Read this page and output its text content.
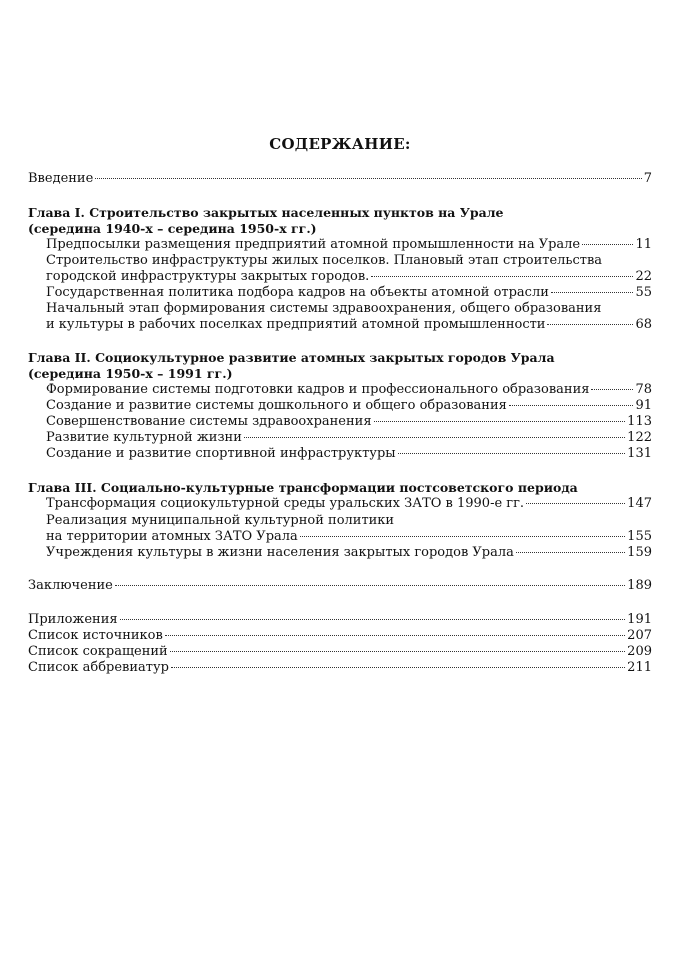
СОДЕРЖАНИЕ:
Введение	7
Глава I. Строительство закрытых населенных пунктов на Урале
(середина 1940-х – середина 1950-х гг.)
Предпосылки размещения предприятий атомной промышленности на Урале	11
Строительство инфраструктуры жилых поселков. Плановый этап строительства
городской инфраструктуры закрытых городов.	22
Государственная политика подбора кадров на объекты атомной отрасли	55
Начальный этап формирования системы здравоохранения, общего образования
и культуры в рабочих поселках предприятий атомной промышленности	68
Глава II. Социокультурное развитие атомных закрытых городов Урала
(середина 1950-х – 1991 гг.)
Формирование системы подготовки кадров и профессионального образования	78
Создание и развитие системы дошкольного и общего образования	91
Совершенствование системы здравоохранения	113
Развитие культурной жизни	122
Создание и развитие спортивной инфраструктуры	131
Глава III. Социально-культурные трансформации постсоветского периода
Трансформация социокультурной среды уральских ЗАТО в 1990-е гг.	147
Реализация муниципальной культурной политики
на территории атомных ЗАТО Урала	155
Учреждения культуры в жизни населения закрытых городов Урала	159
Заключение	189
Приложения	191
Список источников	207
Список сокращений	209
Список аббревиатур	211
